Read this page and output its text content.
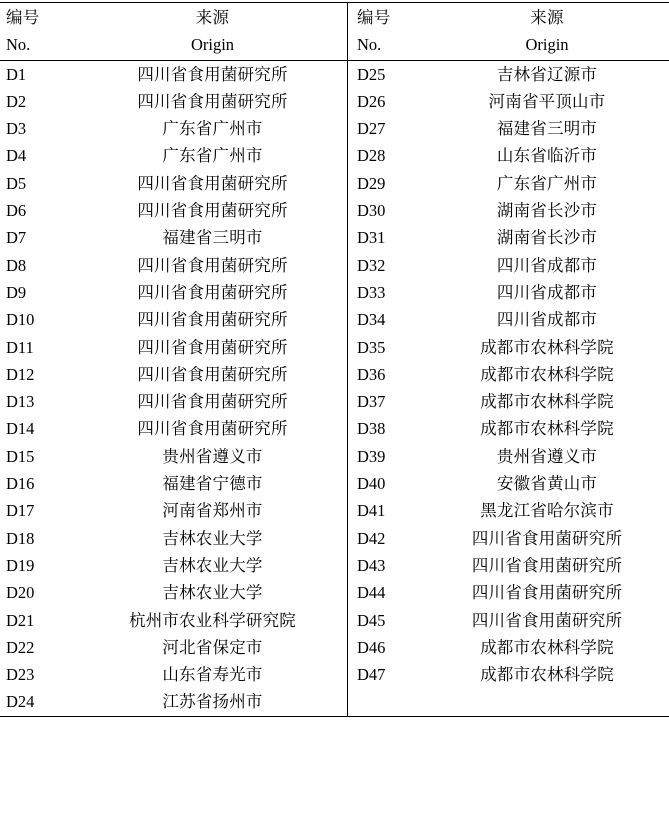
编号	来源
No.	Origin
D1	四川省食用菌研究所
D2	四川省食用菌研究所
D3	广东省广州市
D4	广东省广州市
D5	四川省食用菌研究所
D6	四川省食用菌研究所
D7	福建省三明市
D8	四川省食用菌研究所
D9	四川省食用菌研究所
D10	四川省食用菌研究所
D11	四川省食用菌研究所
D12	四川省食用菌研究所
D13	四川省食用菌研究所
D14	四川省食用菌研究所
D15	贵州省遵义市
D16	福建省宁德市
D17	河南省郑州市
D18	吉林农业大学
D19	吉林农业大学
D20	吉林农业大学
D21	杭州市农业科学研究院
D22	河北省保定市
D23	山东省寿光市
D24	江苏省扬州市
编号	来源
No.	Origin
D25	吉林省辽源市
D26	河南省平顶山市
D27	福建省三明市
D28	山东省临沂市
D29	广东省广州市
D30	湖南省长沙市
D31	湖南省长沙市
D32	四川省成都市
D33	四川省成都市
D34	四川省成都市
D35	成都市农林科学院
D36	成都市农林科学院
D37	成都市农林科学院
D38	成都市农林科学院
D39	贵州省遵义市
D40	安徽省黄山市
D41	黑龙江省哈尔滨市
D42	四川省食用菌研究所
D43	四川省食用菌研究所
D44	四川省食用菌研究所
D45	四川省食用菌研究所
D46	成都市农林科学院
D47	成都市农林科学院
